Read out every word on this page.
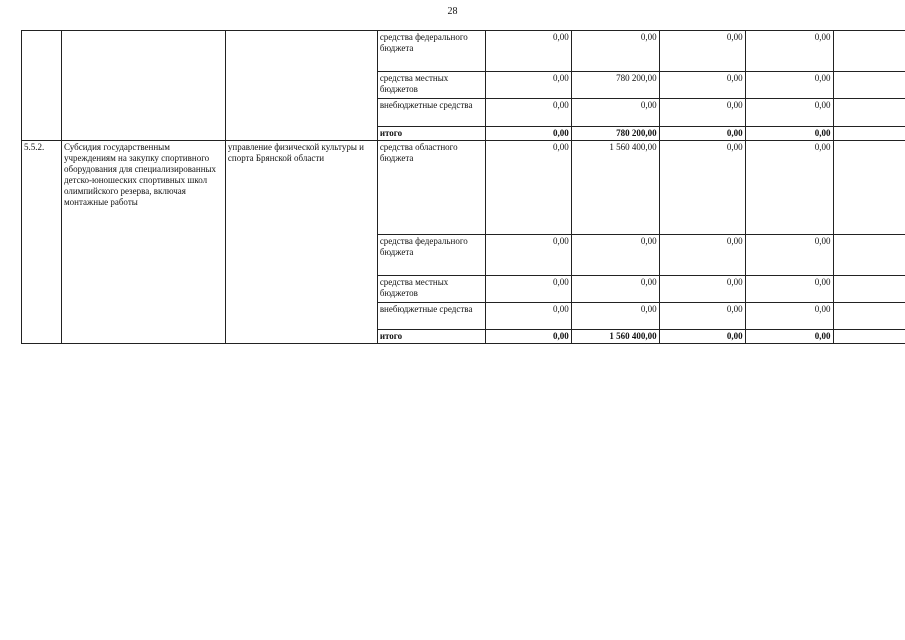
28
			средства федерального бюджета	0,00	0,00	0,00	0,00	
			средства местных бюджетов	0,00	780 200,00	0,00	0,00	
			внебюджетные средства	0,00	0,00	0,00	0,00	
			итого	0,00	780 200,00	0,00	0,00	
5.5.2.	Субсидия государственным учреждениям на закупку спортивного оборудования для специализированных детско-юношеских спортивных школ олимпийского резерва, включая монтажные работы	управление физической культуры и спорта Брянской области	средства областного бюджета	0,00	1 560 400,00	0,00	0,00	
			средства федерального бюджета	0,00	0,00	0,00	0,00	
			средства местных бюджетов	0,00	0,00	0,00	0,00	
			внебюджетные средства	0,00	0,00	0,00	0,00	
			итого	0,00	1 560 400,00	0,00	0,00	
